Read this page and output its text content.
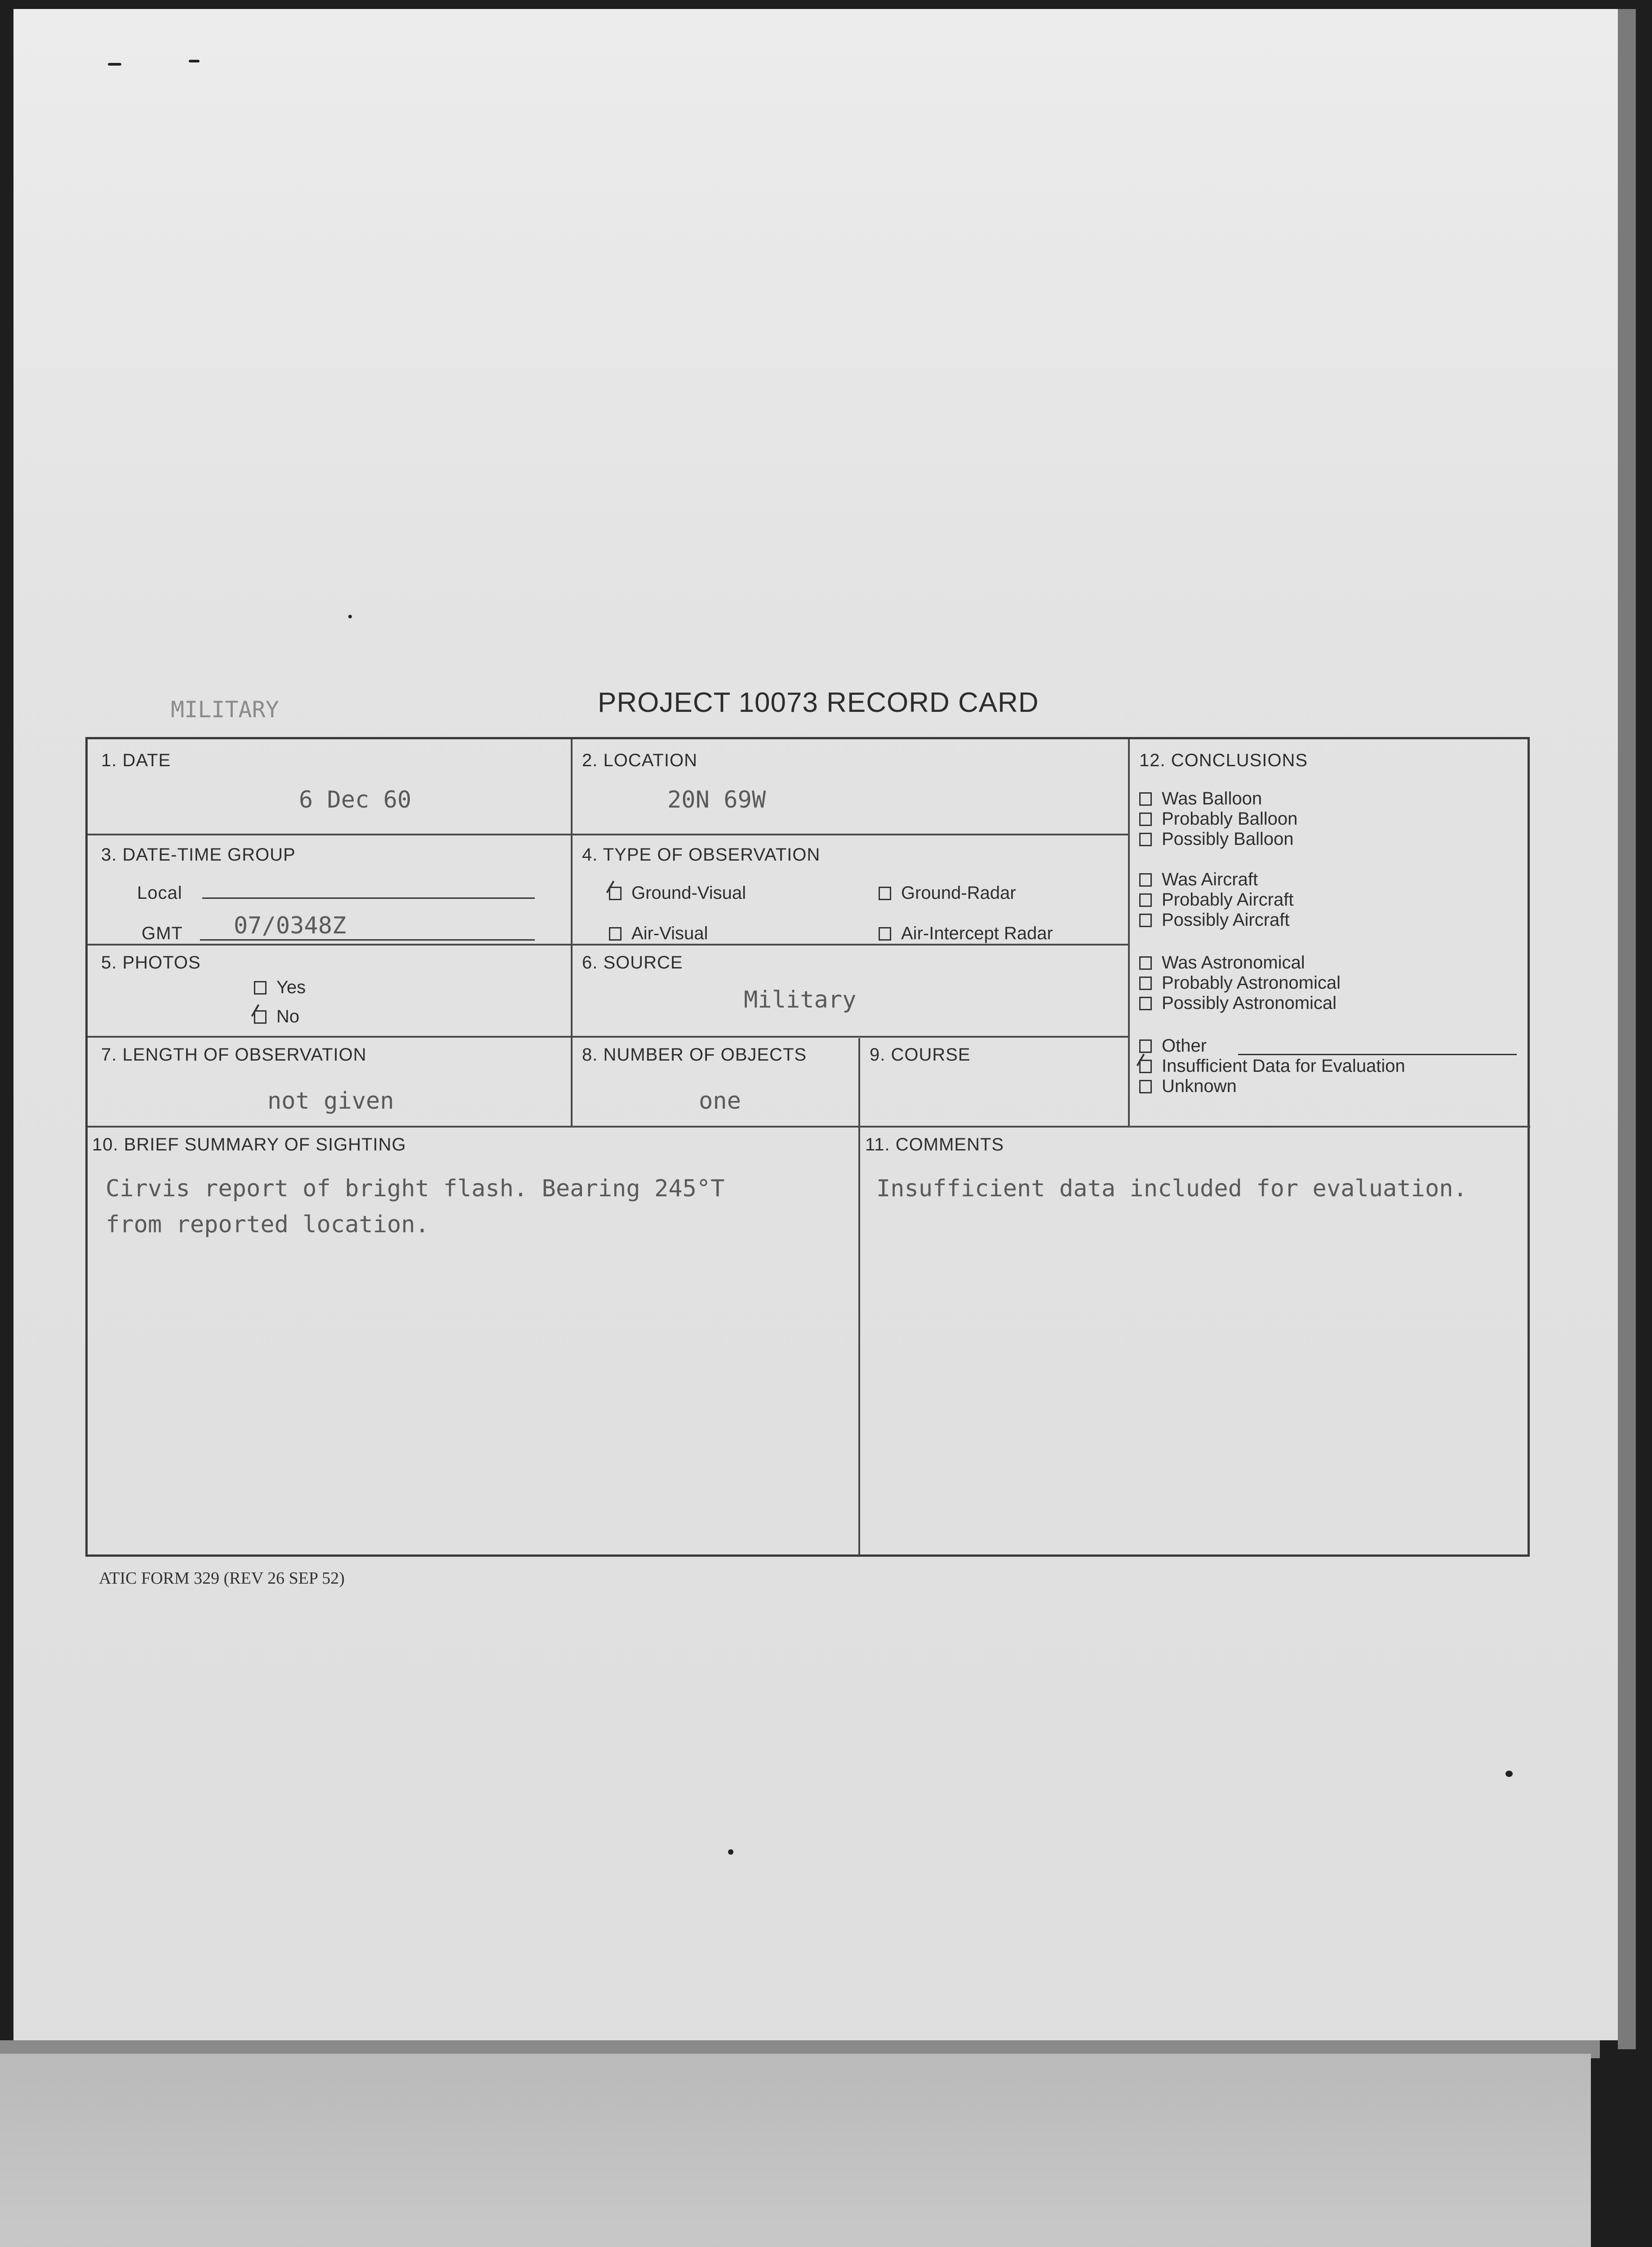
MILITARY	PROJECT 10073 RECORD CARD
1. DATE
6 Dec 60
2. LOCATION
20N 69W
3. DATE-TIME GROUP
Local
GMT 07/0348Z
4. TYPE OF OBSERVATION
Ground-Visual	Ground-Radar
Air-Visual	Air-Intercept Radar
5. PHOTOS
Yes
No
6. SOURCE
Military
7. LENGTH OF OBSERVATION
not given
8. NUMBER OF OBJECTS
one
9. COURSE
10. BRIEF SUMMARY OF SIGHTING
Cirvis report of bright flash. Bearing 245°T
from reported location.
11. COMMENTS
Insufficient data included for evaluation.
12. CONCLUSIONS
Was Balloon
Probably Balloon
Possibly Balloon
Was Aircraft
Probably Aircraft
Possibly Aircraft
Was Astronomical
Probably Astronomical
Possibly Astronomical
Other
Insufficient Data for Evaluation
Unknown
ATIC FORM 329 (REV 26 SEP 52)
